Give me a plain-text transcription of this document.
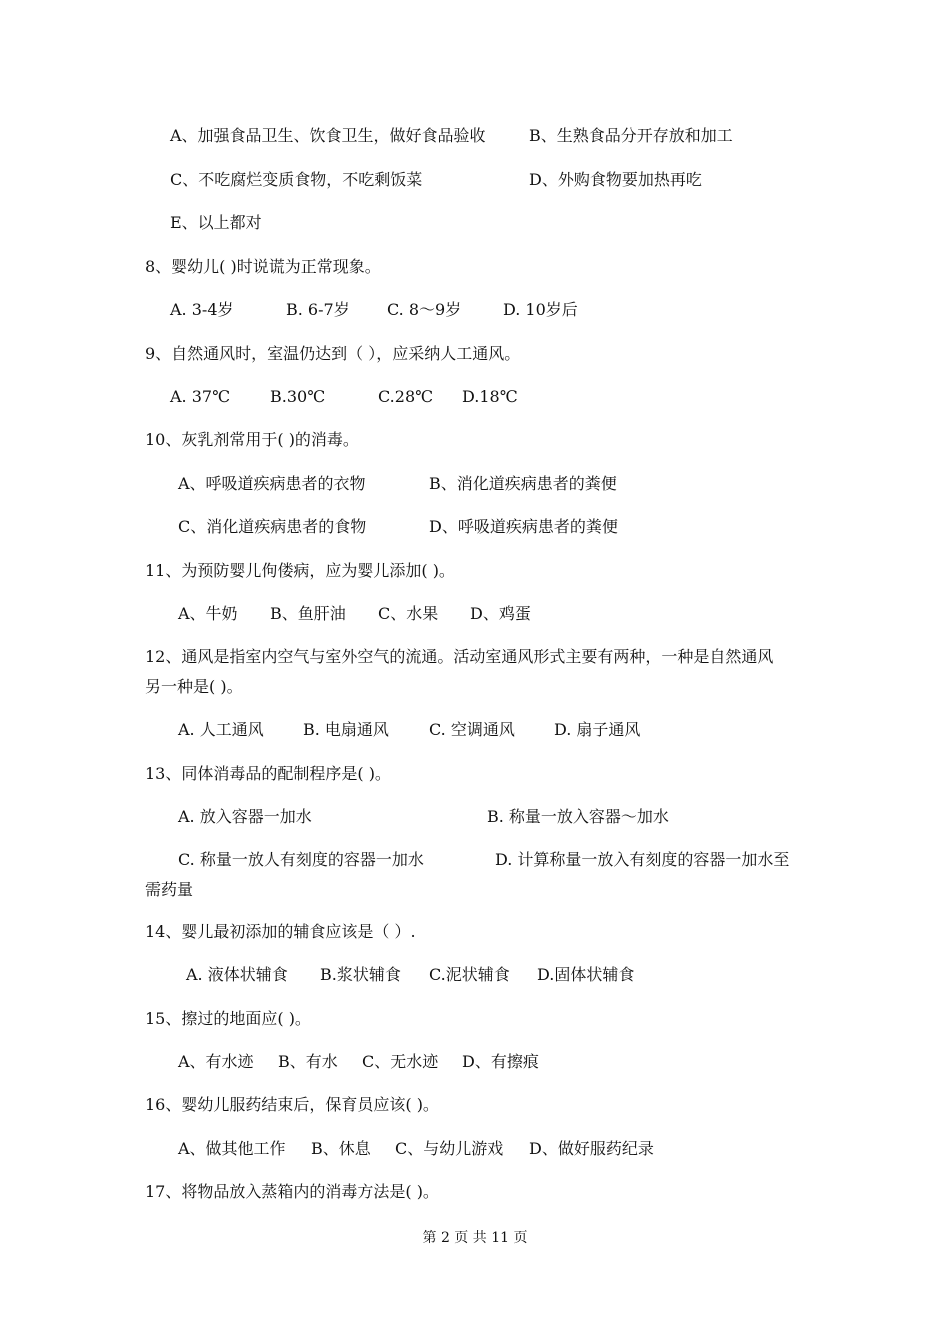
A、加强食品卫生、饮食卫生，做好食品验收	B、生熟食品分开存放和加工
C、不吃腐烂变质食物，不吃剩饭菜	D、外购食物要加热再吃
E、以上都对
8、婴幼儿( )时说谎为正常现象。
A. 3-4岁	B. 6-7岁 C. 8～9岁	D. 10岁后
9、自然通风时，室温仍达到（ ），应采纳人工通风。
A. 37℃	B.30℃	C.28℃ D.18℃
10、灰乳剂常用于( )的消毒。
A、呼吸道疾病患者的衣物	B、消化道疾病患者的粪便
C、消化道疾病患者的食物	D、呼吸道疾病患者的粪便
11、为预防婴儿佝偻病，应为婴儿添加( )。
A、牛奶 B、鱼肝油 C、水果 D、鸡蛋
12、通风是指室内空气与室外空气的流通。活动室通风形式主要有两种，一种是自然通风
另一种是( )。
A. 人工通风 B. 电扇通风	C. 空调通风 D. 扇子通风
13、同体消毒品的配制程序是( )。
A. 放入容器一加水	B. 称量一放入容器～加水
C. 称量一放人有刻度的容器一加水	D. 计算称量一放入有刻度的容器一加水至
需药量
14、婴儿最初添加的辅食应该是（ ）.
A. 液体状辅食 B.浆状辅食 C.泥状辅食 D.固体状辅食
15、擦过的地面应( )。
A、有水迹 B、有水 C、无水迹 D、有擦痕
16、婴幼儿服药结束后，保育员应该( )。
A、做其他工作 B、休息 C、与幼儿游戏 D、做好服药纪录
17、将物品放入蒸箱内的消毒方法是( )。
第 2 页 共 11 页
